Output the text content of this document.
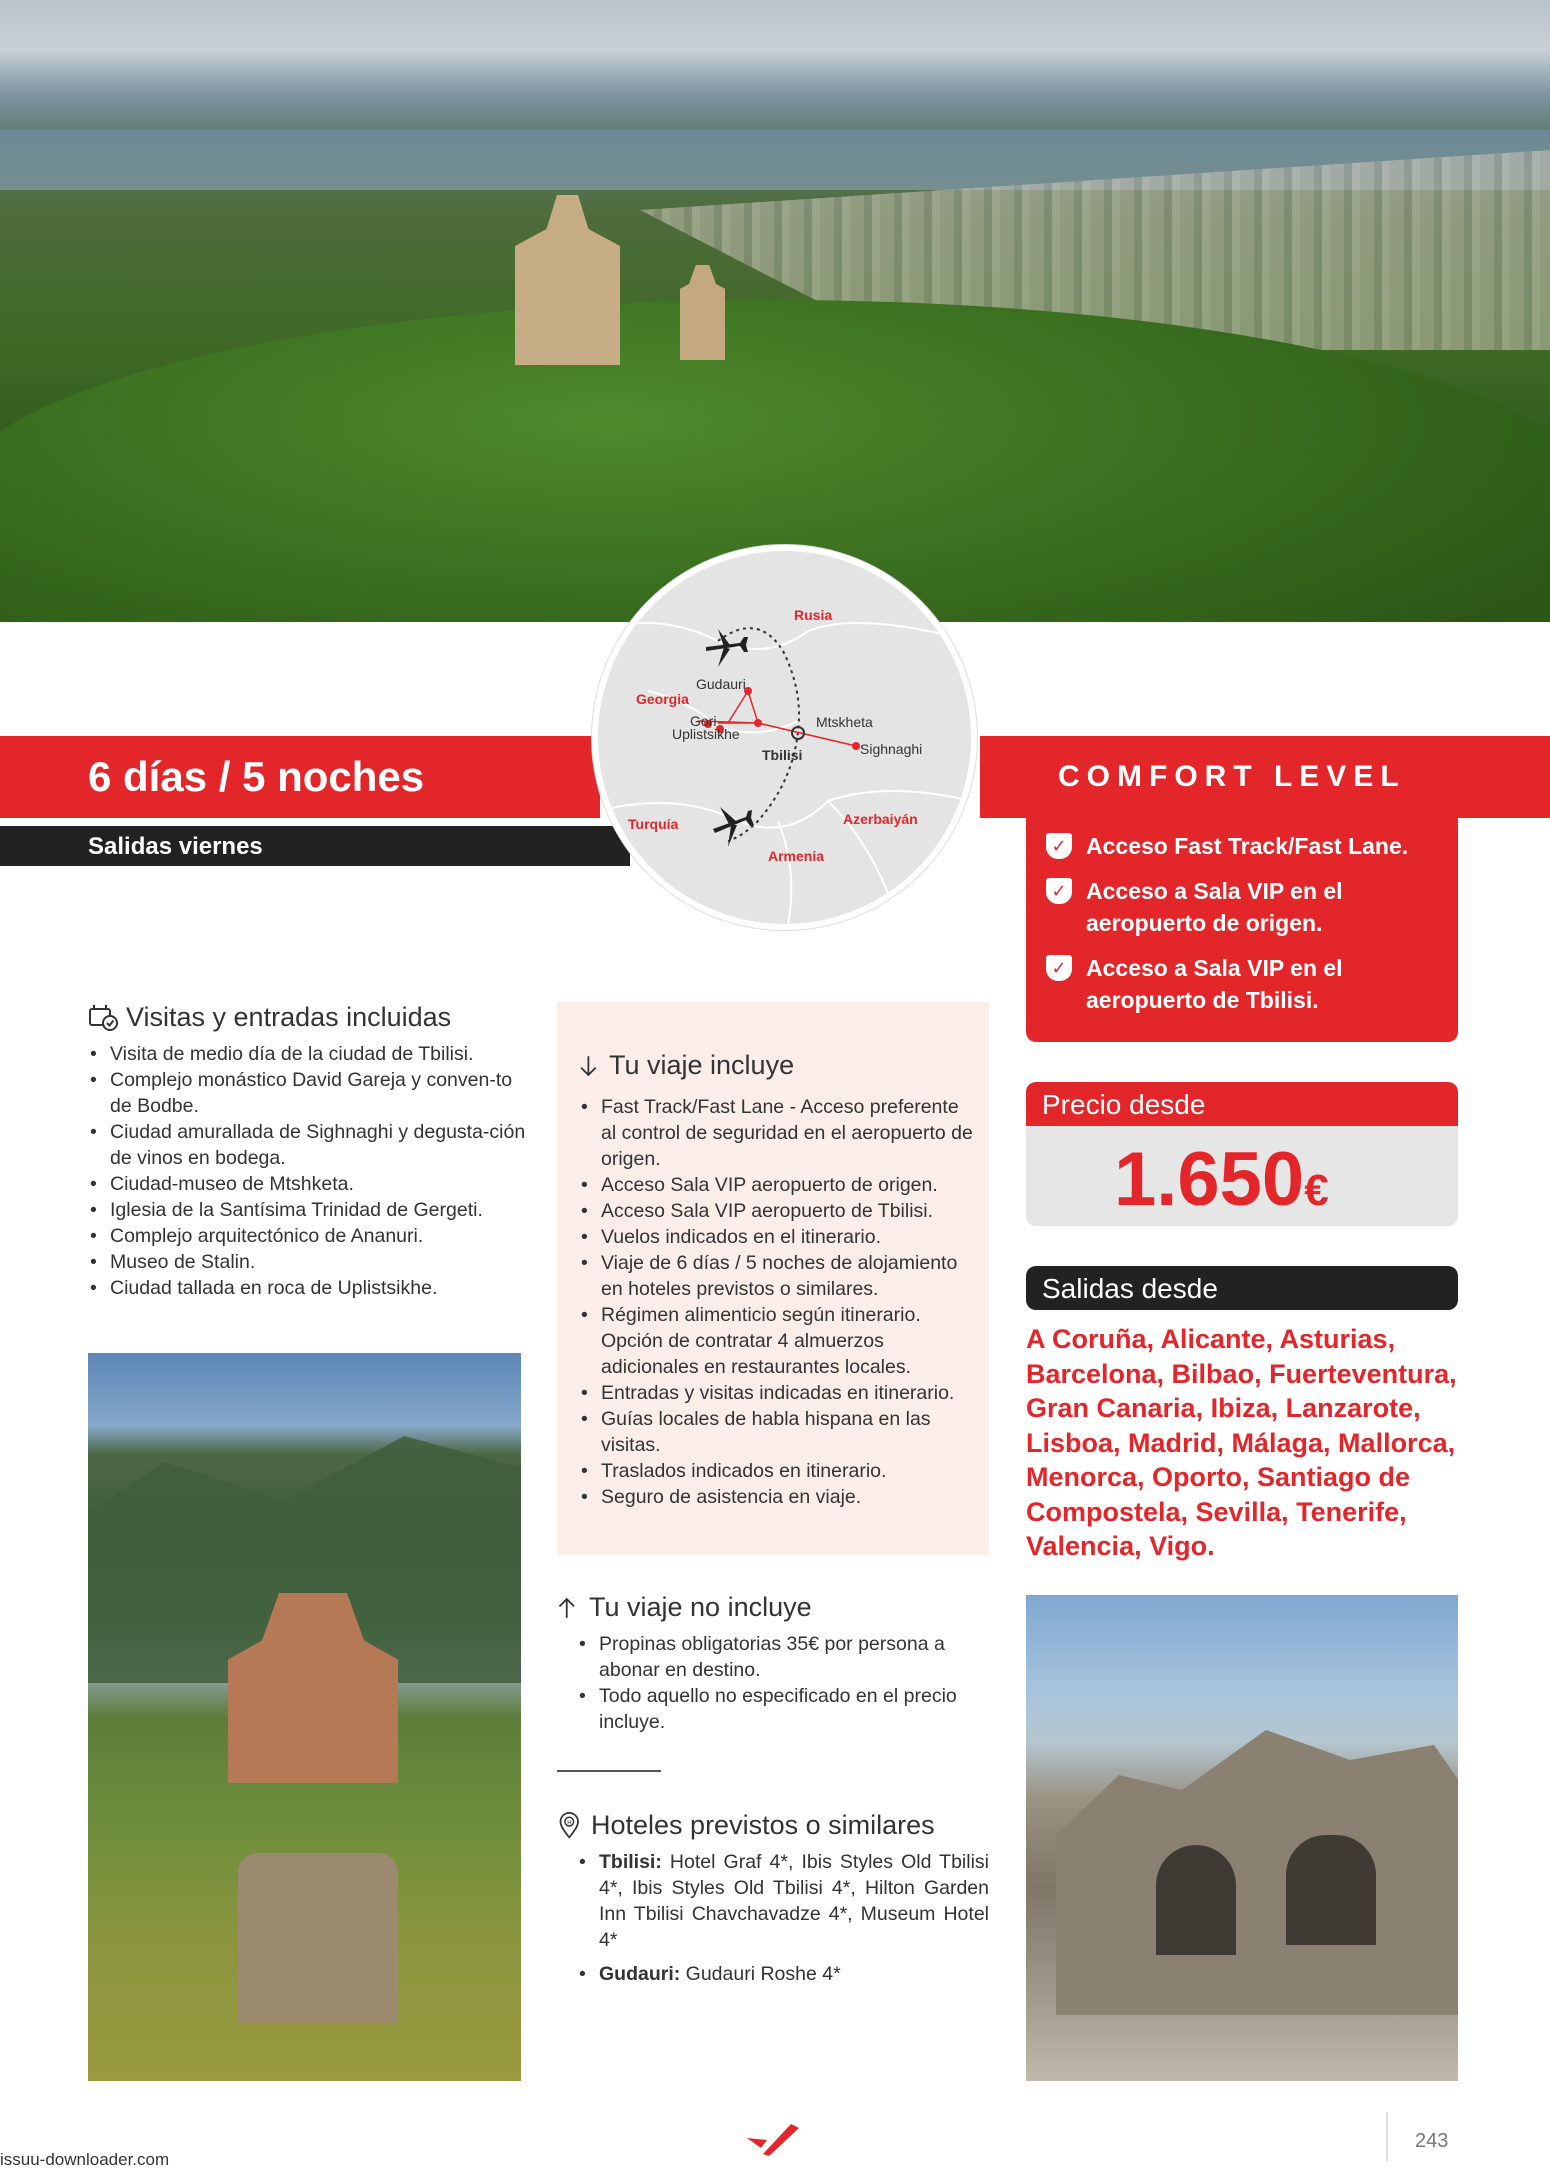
6 días / 5 noches
Salidas viernes
COMFORT LEVEL
Rusia
Georgia
Turquía
Armenia
Azerbaiyán
Gudauri
Gori
Uplistsikhe
Mtskheta
Tbilisi	Sighnaghi
✓ Acceso Fast Track/Fast Lane.
✓ Acceso a Sala VIP en el aeropuerto de origen.
✓ Acceso a Sala VIP en el aeropuerto de Tbilisi.
Precio desde
1.650€
Salidas desde
A Coruña, Alicante, Asturias, Barcelona, Bilbao, Fuerteventura, Gran Canaria, Ibiza, Lanzarote, Lisboa, Madrid, Málaga, Mallorca, Menorca, Oporto, Santiago de Compostela, Sevilla, Tenerife, Valencia, Vigo.
Visitas y entradas incluidas
• Visita de medio día de la ciudad de Tbilisi.
• Complejo monástico David Gareja y conven-to de Bodbe.
• Ciudad amurallada de Sighnaghi y degusta-ción de vinos en bodega.
• Ciudad-museo de Mtshketa.
• Iglesia de la Santísima Trinidad de Gergeti.
• Complejo arquitectónico de Ananuri.
• Museo de Stalin.
• Ciudad tallada en roca de Uplistsikhe.
Tu viaje incluye
• Fast Track/Fast Lane - Acceso preferente al control de seguridad en el aeropuerto de origen.
• Acceso Sala VIP aeropuerto de origen.
• Acceso Sala VIP aeropuerto de Tbilisi.
• Vuelos indicados en el itinerario.
• Viaje de 6 días / 5 noches de alojamiento en hoteles previstos o similares.
• Régimen alimenticio según itinerario. Opción de contratar 4 almuerzos adicionales en restaurantes locales.
• Entradas y visitas indicadas en itinerario.
• Guías locales de habla hispana en las visitas.
• Traslados indicados en itinerario.
• Seguro de asistencia en viaje.
Tu viaje no incluye
• Propinas obligatorias 35€ por persona a abonar en destino.
• Todo aquello no especificado en el precio incluye.
H Hoteles previstos o similares
• Tbilisi: Hotel Graf 4*, Ibis Styles Old Tbilisi 4*, Ibis Styles Old Tbilisi 4*, Hilton Garden Inn Tbilisi Chavchavadze 4*, Museum Hotel 4*
• Gudauri: Gudauri Roshe 4*
243
issuu-downloader.com
